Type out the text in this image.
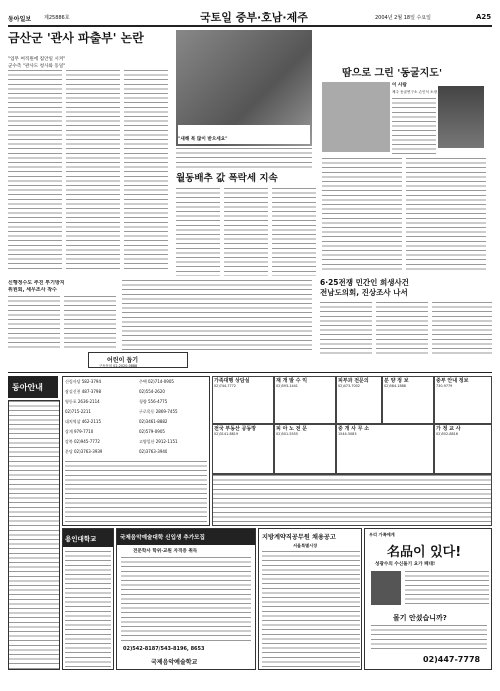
동아일보	제25886호	국토일 중부·호남·제주	2004년 2월 18일 수요일	A25
금산군 '관사 파출부' 논란
"업무 여직원에 집안일 시켜"
군수측 "관사도 청사와 동일"
"새해 복 많이 받으세요"
땀으로 그린 '동굴지도'
이 사람
제주 동굴연구소 손인석 소장
월동배추 값 폭락세 지속
6·25전쟁 민간인 희생사건
전남도의회, 진상조사 나서
신행정수도 추진 투기방지
위원회, 세무조사 착수
어린이 돕기
구독문의 02-2020-0888
동아안내
신림사당 582-3794	주택 02)714-0905
잠실신천 487-3798	02)554-2620
영등포 2636-2114	청량 556-4775
02)715-2211	구로목동 2869-7455
대치역삼 462-2115	02)3461-8882
상계 979-7710	02)579-0905
강북 02)945-7772	고양일산 2912-1151
분당 02)3763-3939	02)3763-3940
가족대행 상담실
02)744-7772
재 개 발 수 익
02)593-1441
피부과 전문의
02)473-7002
분 양 정 보
02)584-1888
중부 안내 정보
730-9779
전국 부동산 공동망
02)3141-8819
피 아 노 전 문
02)501-5555
중 개 사 무 소
1544-5083
가 정 교 사
02)552-8816
용인대학교	국제음악예술대학 신입생 추가모집
전문학사 학위·교원 자격증 취득
02)542-8187/543-8196, 8653
국제음악예술학교
지방계약직공무원 채용공고
서울특별시장
우리 가족에게
名品이 있다!
성광수의 수신돌기 요가 페대!
몰기 안셨습니까?
02)447-7778
